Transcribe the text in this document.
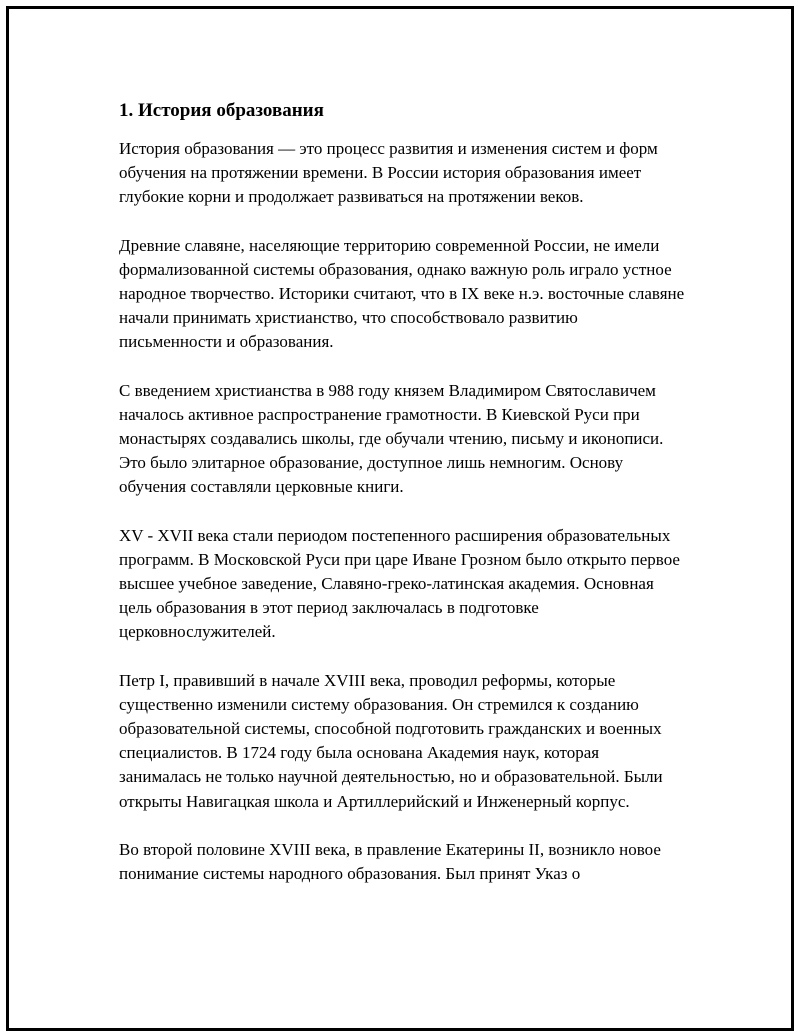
1. История образования

История образования — это процесс развития и изменения систем и форм обучения на протяжении времени. В России история образования имеет глубокие корни и продолжает развиваться на протяжении веков.

Древние славяне, населяющие территорию современной России, не имели формализованной системы образования, однако важную роль играло устное народное творчество. Историки считают, что в IX веке н.э. восточные славяне начали принимать христианство, что способствовало развитию письменности и образования.

С введением христианства в 988 году князем Владимиром Святославичем началось активное распространение грамотности. В Киевской Руси при монастырях создавались школы, где обучали чтению, письму и иконописи. Это было элитарное образование, доступное лишь немногим. Основу обучения составляли церковные книги.

XV - XVII века стали периодом постепенного расширения образовательных программ. В Московской Руси при царе Иване Грозном было открыто первое высшее учебное заведение, Славяно-греко-латинская академия. Основная цель образования в этот период заключалась в подготовке церковнослужителей.

Петр I, правивший в начале XVIII века, проводил реформы, которые существенно изменили систему образования. Он стремился к созданию образовательной системы, способной подготовить гражданских и военных специалистов. В 1724 году была основана Академия наук, которая занималась не только научной деятельностью, но и образовательной. Были открыты Навигацкая школа и Артиллерийский и Инженерный корпус.

Во второй половине XVIII века, в правление Екатерины II, возникло новое понимание системы народного образования. Был принят Указ о
